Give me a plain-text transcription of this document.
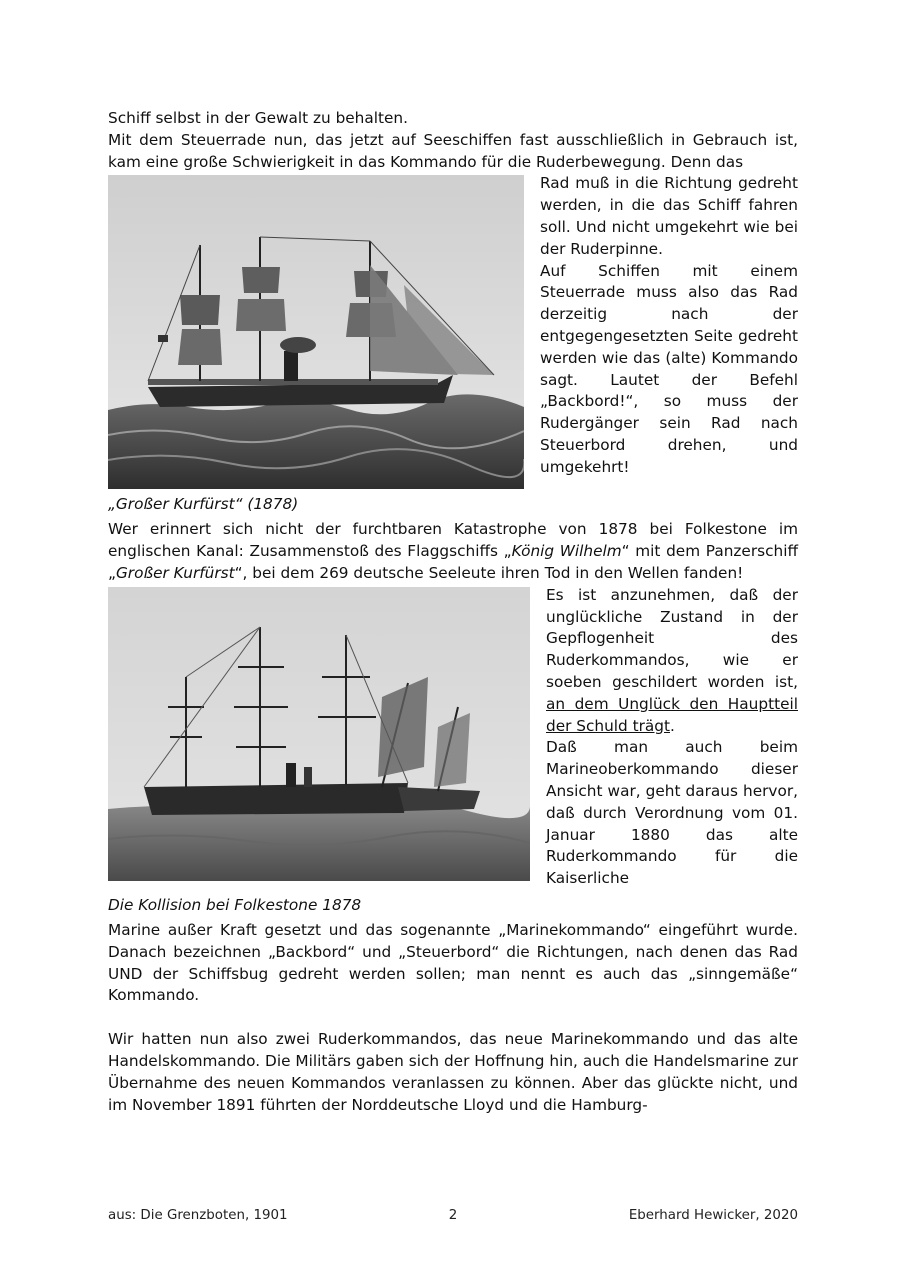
Schiff selbst in der Gewalt zu behalten.

Mit dem Steuerrade nun, das jetzt auf Seeschiffen fast ausschließlich in Gebrauch ist, kam eine große Schwierigkeit in das Kommando für die Ruderbewegung. Denn das

Rad muß in die Richtung gedreht werden, in die das Schiff fahren soll. Und nicht umgekehrt wie bei der Ruderpinne.

Auf Schiffen mit einem Steuerrade muss also das Rad derzeitig nach der entgegengesetzten Seite gedreht werden wie das (alte) Kommando sagt. Lautet der Befehl „Backbord!“, so muss der Rudergänger sein Rad nach Steuerbord drehen, und umgekehrt!

„Großer Kurfürst“ (1878)

Wer erinnert sich nicht der furchtbaren Katastrophe von 1878 bei Folkestone im englischen Kanal: Zusammenstoß des Flaggschiffs „König Wilhelm“ mit dem Panzerschiff „Großer Kurfürst“, bei dem 269 deutsche Seeleute ihren Tod in den Wellen fanden!

Es ist anzunehmen, daß der unglückliche Zustand in der Gepflogenheit des Ruderkommandos, wie er soeben geschildert worden ist, an dem Unglück den Hauptteil der Schuld trägt.

Daß man auch beim Marineoberkommando dieser Ansicht war, geht daraus hervor, daß durch Verordnung vom 01. Januar 1880 das alte Ruderkommando für die Kaiserliche

Die Kollision bei Folkestone 1878

Marine außer Kraft gesetzt und das sogenannte „Marinekommando“ eingeführt wurde. Danach bezeichnen „Backbord“ und „Steuerbord“ die Richtungen, nach denen das Rad UND der Schiffsbug gedreht werden sollen; man nennt es auch das „sinngemäße“ Kommando.

Wir hatten nun also zwei Ruderkommandos, das neue Marinekommando und das alte Handelskommando. Die Militärs gaben sich der Hoffnung hin, auch die Handelsmarine zur Übernahme des neuen Kommandos veranlassen zu können. Aber das glückte nicht, und im November 1891 führten der Norddeutsche Lloyd und die Hamburg-

aus: Die Grenzboten, 1901	2	Eberhard Hewicker, 2020
